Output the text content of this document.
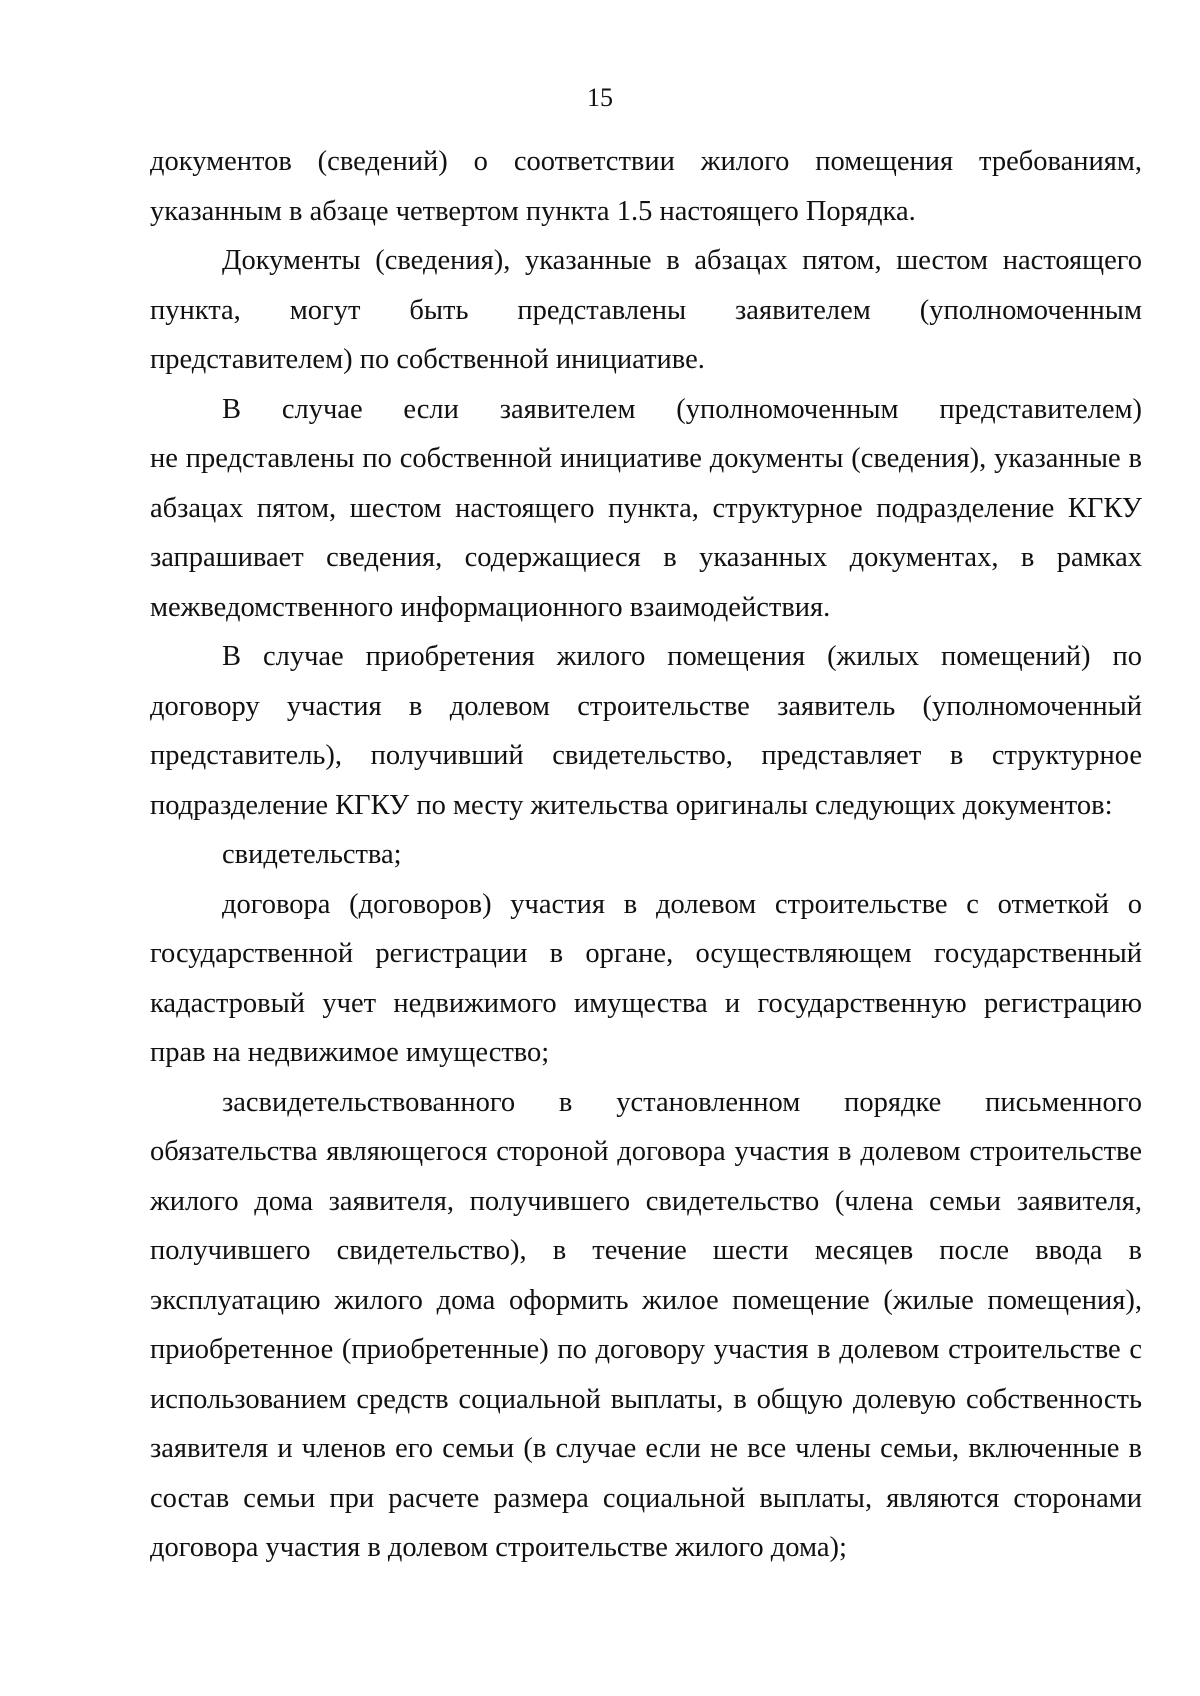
15

документов (сведений) о соответствии жилого помещения требованиям, указанным в абзаце четвертом пункта 1.5 настоящего Порядка.

Документы (сведения), указанные в абзацах пятом, шестом настоящего пункта, могут быть представлены заявителем (уполномоченным представителем) по собственной инициативе.

В случае если заявителем (уполномоченным представителем)

не представлены по собственной инициативе документы (сведения), указанные в абзацах пятом, шестом настоящего пункта, структурное подразделение КГКУ запрашивает сведения, содержащиеся в указанных документах, в рамках межведомственного информационного взаимодействия.

В случае приобретения жилого помещения (жилых помещений) по договору участия в долевом строительстве заявитель (уполномоченный представитель), получивший свидетельство, представляет в структурное подразделение КГКУ по месту жительства оригиналы следующих документов:

свидетельства;

договора (договоров) участия в долевом строительстве с отметкой о государственной регистрации в органе, осуществляющем государственный кадастровый учет недвижимого имущества и государственную регистрацию прав на недвижимое имущество;

засвидетельствованного в установленном порядке письменного обязательства являющегося стороной договора участия в долевом строительстве жилого дома заявителя, получившего свидетельство (члена семьи заявителя, получившего свидетельство), в течение шести месяцев после ввода в эксплуатацию жилого дома оформить жилое помещение (жилые помещения), приобретенное (приобретенные) по договору участия в долевом строительстве с использованием средств социальной выплаты, в общую долевую собственность заявителя и членов его семьи (в случае если не все члены семьи, включенные в состав семьи при расчете размера социальной выплаты, являются сторонами договора участия в долевом строительстве жилого дома);
